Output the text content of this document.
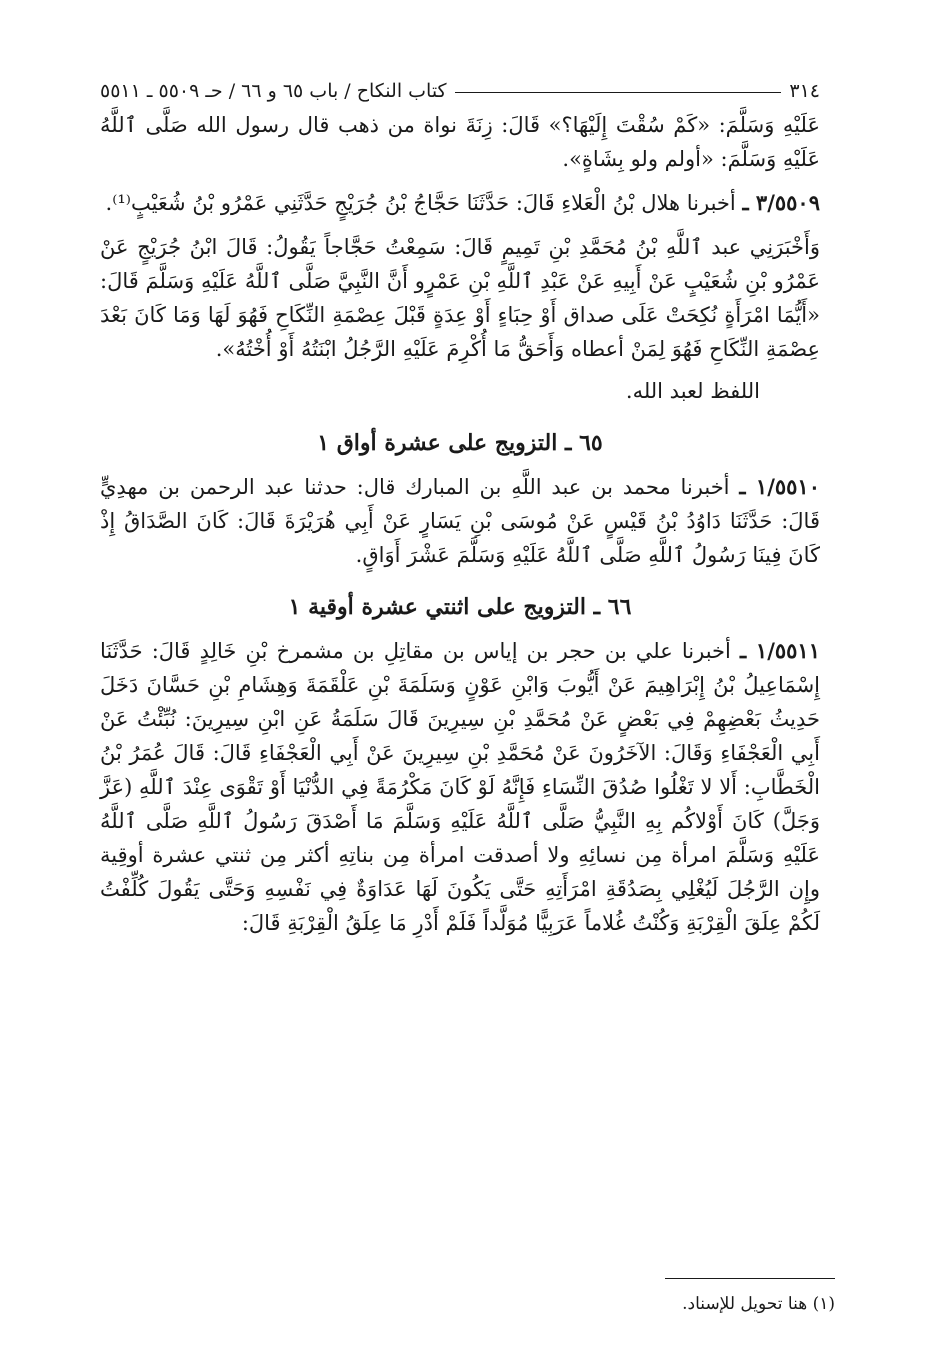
٣١٤
كتاب النكاح / باب ٦٥ و ٦٦ / حـ ٥٥٠٩ ـ ٥٥١١

عَلَيْهِ وَسَلَّمَ: «كَمْ سُقْتَ إِلَيْهَا؟» قَالَ: زِنَةَ نواة من ذهب قال رسول الله صَلَّى ٱللَّهُ عَلَيْهِ وَسَلَّمَ: «أولم ولو بِشَاةٍ».

٣/٥٥٠٩ ـ أخبرنا هلال بْنُ الْعَلاءِ قَالَ: حَدَّثَنَا حَجَّاجُ بْنُ جُرَيْجٍ حَدَّثَنِي عَمْرُو بْنُ شُعَيْبٍ⁽¹⁾.

وَأَخْبَرَنِي عبد ٱللَّهِ بْنُ مُحَمَّدِ بْنِ تَمِيمٍ قَالَ: سَمِعْتُ حَجَّاجاً يَقُولُ: قَالَ ابْنُ جُرَيْجٍ عَنْ عَمْرُو بْنِ شُعَيْبٍ عَنْ أَبِيهِ عَنْ عَبْدِ ٱللَّهِ بْنِ عَمْرٍو أَنَّ النَّبِيَّ صَلَّى ٱللَّهُ عَلَيْهِ وَسَلَّمَ قَالَ: «أَيُّمَا امْرَأَةٍ نُكِحَتْ عَلَى صداق أَوْ حِبَاءٍ أَوْ عِدَةٍ قَبْلَ عِصْمَةِ النِّكَاحِ فَهُوَ لَهَا وَمَا كَانَ بَعْدَ عِصْمَةِ النِّكَاحِ فَهُوَ لِمَنْ أعطاه وَأَحَقُّ مَا أُكْرِمَ عَلَيْهِ الرَّجُلُ ابْنَتُهُ أَوْ أُخْتُهُ».

اللفظ لعبد الله.
٦٥ ـ التزويج على عشرة أواق ١

١/٥٥١٠ ـ أخبرنا محمد بن عبد اللَّهِ بن المبارك قال: حدثنا عبد الرحمن بن مهدِيٍّ قَالَ: حَدَّثَنَا دَاوُدُ بْنُ قَيْسٍ عَنْ مُوسَى بْنِ يَسَارٍ عَنْ أَبِي هُرَيْرَةَ قَالَ: كَانَ الصَّدَاقُ إِذْ كَانَ فِينَا رَسُولُ ٱللَّهِ صَلَّى ٱللَّهُ عَلَيْهِ وَسَلَّمَ عَشْرَ أَوَاقٍ.

٦٦ ـ التزويج على اثنتي عشرة أوقية ١

١/٥٥١١ ـ أخبرنا علي بن حجر بن إياس بن مقاتِلِ بن مشمرخ بْنِ خَالِدٍ قَالَ: حَدَّثَنَا إِسْمَاعِيلُ بْنُ إِبْرَاهِيمَ عَنْ أَيُّوبَ وَابْنِ عَوْنٍ وَسَلَمَةَ بْنِ عَلْقَمَةَ وَهِشَامِ بْنِ حَسَّانَ دَخَلَ حَدِيثُ بَعْضِهِمْ فِي بَعْضٍ عَنْ مُحَمَّدِ بْنِ سِيرِينَ قَالَ سَلَمَةُ عَنِ ابْنِ سِيرِينَ: نُبِّئْتُ عَنْ أَبِي الْعَجْفَاءِ وَقَالَ: الآخَرُونَ عَنْ مُحَمَّدِ بْنِ سِيرِينَ عَنْ أَبِي الْعَجْفَاءِ قَالَ: قَالَ عُمَرُ بْنُ الْخَطَّابِ: أَلا لا تَغْلُوا صُدُقَ النِّسَاءِ فَإِنَّهُ لَوْ كَانَ مَكْرُمَةً فِي الدُّنْيَا أَوْ تَقْوَى عِنْدَ ٱللَّهِ (عَزَّ وَجَلَّ) كَانَ أَوْلاكُم بِهِ النَّبِيُّ صَلَّى ٱللَّهُ عَلَيْهِ وَسَلَّمَ مَا أَصْدَقَ رَسُولُ ٱللَّهِ صَلَّى ٱللَّهُ عَلَيْهِ وَسَلَّمَ امرأة مِن نسائِهِ ولا أصدقت امرأة مِن بناتِهِ أكثر مِن ثنتي عشرة أوقِية وإِن الرَّجُلَ لَيُغْلِي بِصَدُقَةِ امْرَأَتِهِ حَتَّى يَكُونَ لَهَا عَدَاوَةٌ فِي نَفْسِهِ وَحَتَّى يَقُولَ كُلِّفْتُ لَكُمْ عِلَقَ الْقِرْبَةِ وَكُنْتُ غُلاماً عَرَبِيًّا مُوَلَّداً فَلَمْ أَدْرِ مَا عِلَقُ الْقِرْبَةِ قَالَ:

(١) هنا تحويل للإسناد.
